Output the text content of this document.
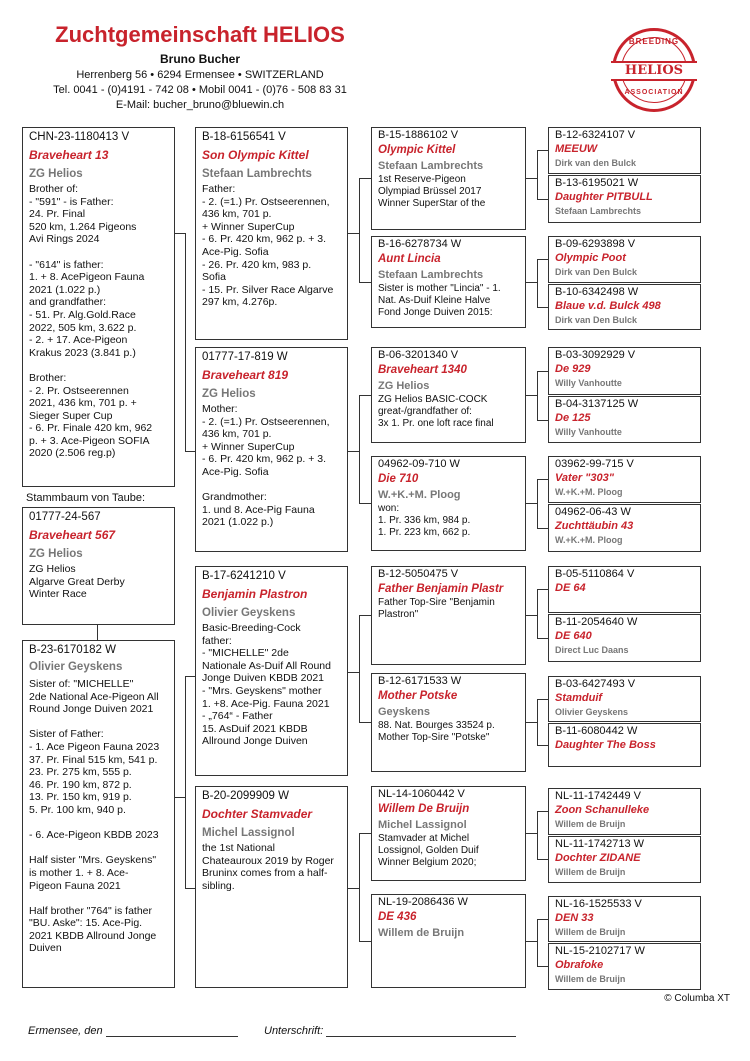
Zuchtgemeinschaft HELIOS
Bruno Bucher
Herrenberg 56 • 6294 Ermensee • SWITZERLAND
Tel. 0041 - (0)4191 - 742 08 • Mobil 0041 - (0)76 - 508 83 31
E-Mail: bucher_bruno@bluewin.ch
BREEDING
HELIOS
ASSOCIATION
CHN-23-1180413 V
Braveheart 13
ZG Helios
Brother of:
- "591" - is Father:
24. Pr. Final
520 km, 1.264 Pigeons
Avi Rings 2024

- "614" is father:
1. + 8. AcePigeon Fauna
2021 (1.022 p.)
and grandfather:
- 51. Pr. Alg.Gold.Race
2022, 505 km, 3.622 p.
- 2. + 17. Ace-Pigeon
Krakus 2023 (3.841 p.)

Brother:
- 2. Pr. Ostseerennen
2021, 436 km, 701 p. +
Sieger Super Cup
- 6. Pr. Finale 420 km, 962
p. + 3. Ace-Pigeon SOFIA
2020 (2.506 reg.p)
Stammbaum von Taube:
01777-24-567
Braveheart 567
ZG Helios
ZG Helios
Algarve Great Derby
Winter Race
B-23-6170182 W
Olivier Geyskens
Sister of: "MICHELLE"
2de National Ace-Pigeon All
Round Jonge Duiven 2021

Sister of Father:
- 1. Ace Pigeon Fauna 2023
37. Pr. Final 515 km, 541 p.
23. Pr. 275 km, 555 p.
46. Pr. 190 km, 872 p.
13. Pr. 150 km, 919 p.
5. Pr. 100 km, 940 p.

- 6. Ace-Pigeon KBDB 2023

Half sister "Mrs. Geyskens"
is mother 1. + 8. Ace-
Pigeon Fauna 2021

Half brother "764" is father
"BU. Aske": 15. Ace-Pig.
2021 KBDB Allround Jonge
Duiven
B-18-6156541 V
Son Olympic Kittel
Stefaan Lambrechts
Father:
- 2. (=1.) Pr. Ostseerennen,
436 km, 701 p.
+ Winner SuperCup
- 6. Pr. 420 km, 962 p. + 3.
Ace-Pig. Sofia
- 26. Pr. 420 km, 983 p.
Sofia
- 15. Pr. Silver Race Algarve
297 km, 4.276p.
01777-17-819 W
Braveheart 819
ZG Helios
Mother:
- 2. (=1.) Pr. Ostseerennen,
436 km, 701 p.
+ Winner SuperCup
- 6. Pr. 420 km, 962 p. + 3.
Ace-Pig. Sofia

Grandmother:
1. und 8. Ace-Pig Fauna
2021 (1.022 p.)
B-17-6241210 V
Benjamin Plastron
Olivier Geyskens
Basic-Breeding-Cock
father:
- "MICHELLE" 2de
Nationale As-Duif All Round
Jonge Duiven KBDB 2021
- "Mrs. Geyskens" mother
1. +8. Ace-Pig. Fauna 2021
- „764“ - Father
15. AsDuif 2021 KBDB
Allround Jonge Duiven
B-20-2099909 W
Dochter Stamvader
Michel Lassignol
the 1st National
Chateauroux 2019 by Roger
Bruninx comes from a half-
sibling.
B-15-1886102 V
Olympic Kittel
Stefaan Lambrechts
1st Reserve-Pigeon
Olympiad Brüssel 2017
Winner SuperStar of the
B-16-6278734 W
Aunt Lincia
Stefaan Lambrechts
Sister is mother "Lincia" - 1.
Nat. As-Duif Kleine Halve
Fond Jonge Duiven 2015:
B-06-3201340 V
Braveheart 1340
ZG Helios
ZG Helios BASIC-COCK
great-/grandfather of:
3x 1. Pr. one loft race final
04962-09-710 W
Die 710
W.+K.+M. Ploog
won:
1. Pr. 336 km, 984 p.
1. Pr. 223 km, 662 p.
B-12-5050475 V
Father Benjamin Plastr
Father Top-Sire "Benjamin
Plastron"
B-12-6171533 W
Mother Potske
Geyskens
88. Nat. Bourges 33524 p.
Mother Top-Sire "Potske"
NL-14-1060442 V
Willem De Bruijn
Michel Lassignol
Stamvader at Michel
Lossignol, Golden Duif
Winner Belgium 2020;
NL-19-2086436 W
DE 436
Willem de Bruijn
B-12-6324107 V
MEEUW
Dirk van den Bulck
B-13-6195021 W
Daughter PITBULL
Stefaan Lambrechts
B-09-6293898 V
Olympic Poot
Dirk van Den Bulck
B-10-6342498 W
Blaue v.d. Bulck 498
Dirk van Den Bulck
B-03-3092929 V
De 929
Willy Vanhoutte
B-04-3137125 W
De 125
Willy Vanhoutte
03962-99-715 V
Vater "303"
W.+K.+M. Ploog
04962-06-43 W
Zuchttäubin 43
W.+K.+M. Ploog
B-05-5110864 V
DE 64
B-11-2054640 W
DE 640
Direct Luc Daans
B-03-6427493 V
Stamduif
Olivier Geyskens
B-11-6080442 W
Daughter The Boss
NL-11-1742449 V
Zoon Schanulleke
Willem de Bruijn
NL-11-1742713 W
Dochter ZIDANE
Willem de Bruijn
NL-16-1525533 V
DEN 33
Willem de Bruijn
NL-15-2102717 W
Obrafoke
Willem de Bruijn
© Columba XT
Ermensee, den	Unterschrift:
